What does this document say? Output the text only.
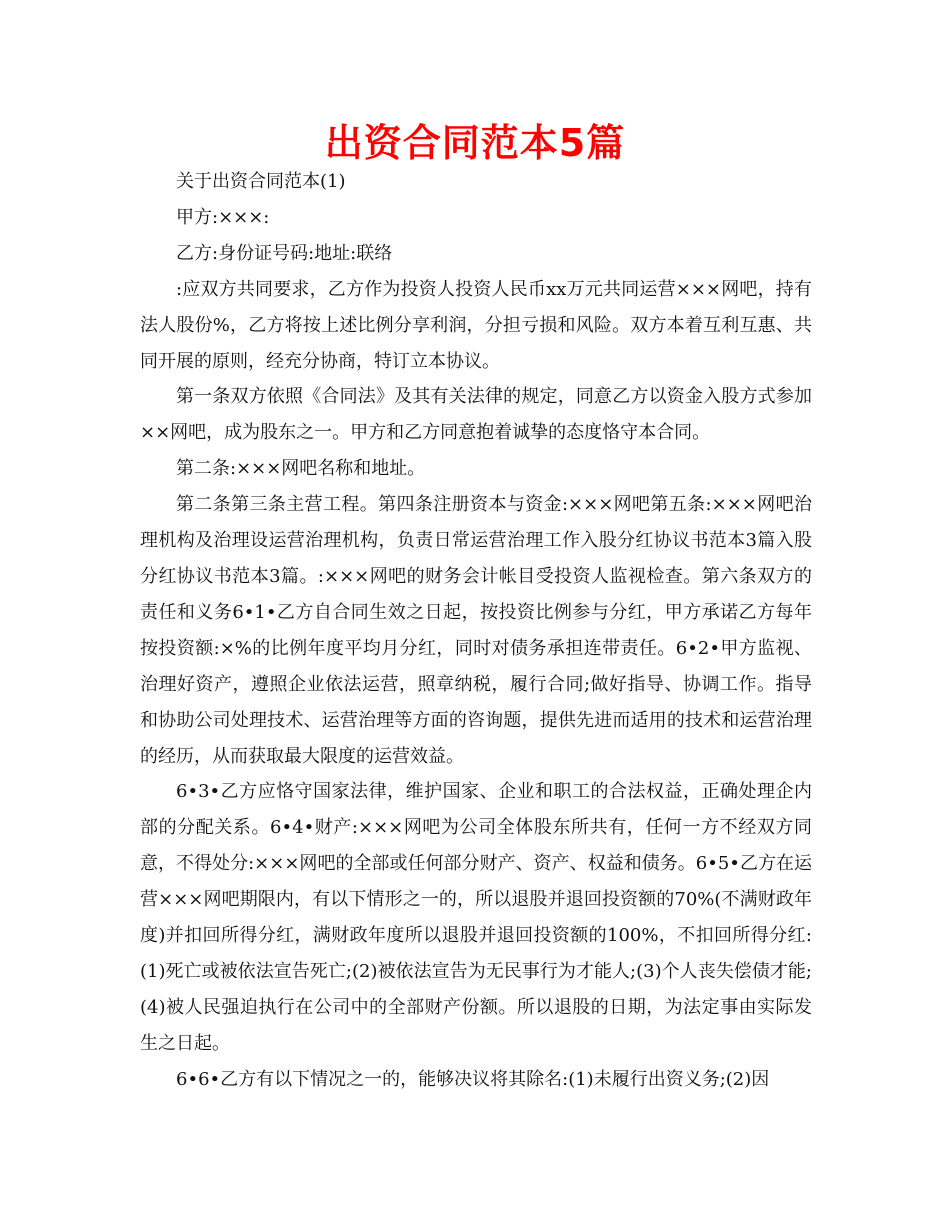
出资合同范本5篇

关于出资合同范本(1)

甲方:×××:

乙方:身份证号码:地址:联络

:应双方共同要求，乙方作为投资人投资人民币xx万元共同运营×××网吧，持有法人股份%，乙方将按上述比例分享利润，分担亏损和风险。双方本着互利互惠、共同开展的原则，经充分协商，特订立本协议。

第一条双方依照《合同法》及其有关法律的规定，同意乙方以资金入股方式参加××网吧，成为股东之一。甲方和乙方同意抱着诚挚的态度恪守本合同。

第二条:×××网吧名称和地址。

第二条第三条主营工程。第四条注册资本与资金:×××网吧第五条:×××网吧治理机构及治理设运营治理机构，负责日常运营治理工作入股分红协议书范本3篇入股分红协议书范本3篇。:×××网吧的财务会计帐目受投资人监视检查。第六条双方的责任和义务6•1•乙方自合同生效之日起，按投资比例参与分红，甲方承诺乙方每年按投资额:×%的比例年度平均月分红，同时对债务承担连带责任。6•2•甲方监视、治理好资产，遵照企业依法运营，照章纳税，履行合同;做好指导、协调工作。指导和协助公司处理技术、运营治理等方面的咨询题，提供先进而适用的技术和运营治理的经历，从而获取最大限度的运营效益。

6•3•乙方应恪守国家法律，维护国家、企业和职工的合法权益，正确处理企内部的分配关系。6•4•财产:×××网吧为公司全体股东所共有，任何一方不经双方同意，不得处分:×××网吧的全部或任何部分财产、资产、权益和债务。6•5•乙方在运营×××网吧期限内，有以下情形之一的，所以退股并退回投资额的70%(不满财政年度)并扣回所得分红，满财政年度所以退股并退回投资额的100%，不扣回所得分红:(1)死亡或被依法宣告死亡;(2)被依法宣告为无民事行为才能人;(3)个人丧失偿债才能;(4)被人民强迫执行在公司中的全部财产份额。所以退股的日期，为法定事由实际发生之日起。

6•6•乙方有以下情况之一的，能够决议将其除名:(1)未履行出资义务;(2)因
